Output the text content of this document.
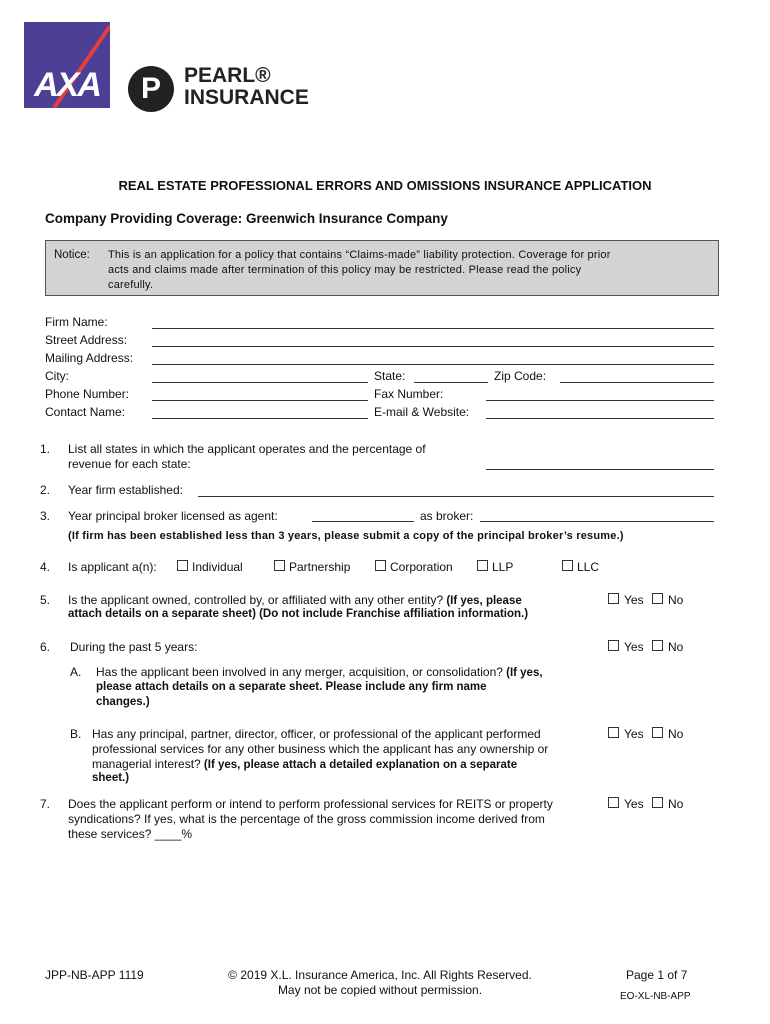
AXA	P	PEARL®
INSURANCE
REAL ESTATE PROFESSIONAL ERRORS AND OMISSIONS INSURANCE APPLICATION
Company Providing Coverage: Greenwich Insurance Company
Notice: This is an application for a policy that contains “Claims-made” liability protection. Coverage for prior
acts and claims made after termination of this policy may be restricted. Please read the policy
carefully.
Firm Name:
Street Address:
Mailing Address:
City:	State:	Zip Code:
Phone Number:	Fax Number:
Contact Name:	E-mail & Website:
1. List all states in which the applicant operates and the percentage of
revenue for each state:
2. Year firm established:
3. Year principal broker licensed as agent:	as broker:
(If firm has been established less than 3 years, please submit a copy of the principal broker’s resume.)
4. Is applicant a(n):	Individual	Partnership	Corporation	LLP	LLC
5. Is the applicant owned, controlled by, or affiliated with any other entity? (If yes, please
attach details on a separate sheet) (Do not include Franchise affiliation information.)
Yes No
6. During the past 5 years:	Yes No
A. Has the applicant been involved in any merger, acquisition, or consolidation? (If yes,
please attach details on a separate sheet. Please include any firm name
changes.)
B. Has any principal, partner, director, officer, or professional of the applicant performed
professional services for any other business which the applicant has any ownership or
managerial interest? (If yes, please attach a detailed explanation on a separate
sheet.)
Yes No
7. Does the applicant perform or intend to perform professional services for REITS or property
syndications? If yes, what is the percentage of the gross commission income derived from
these services? ____%
Yes No
JPP-NB-APP 1119	© 2019 X.L. Insurance America, Inc. All Rights Reserved.
May not be copied without permission.
Page 1 of 7
EO-XL-NB-APP
